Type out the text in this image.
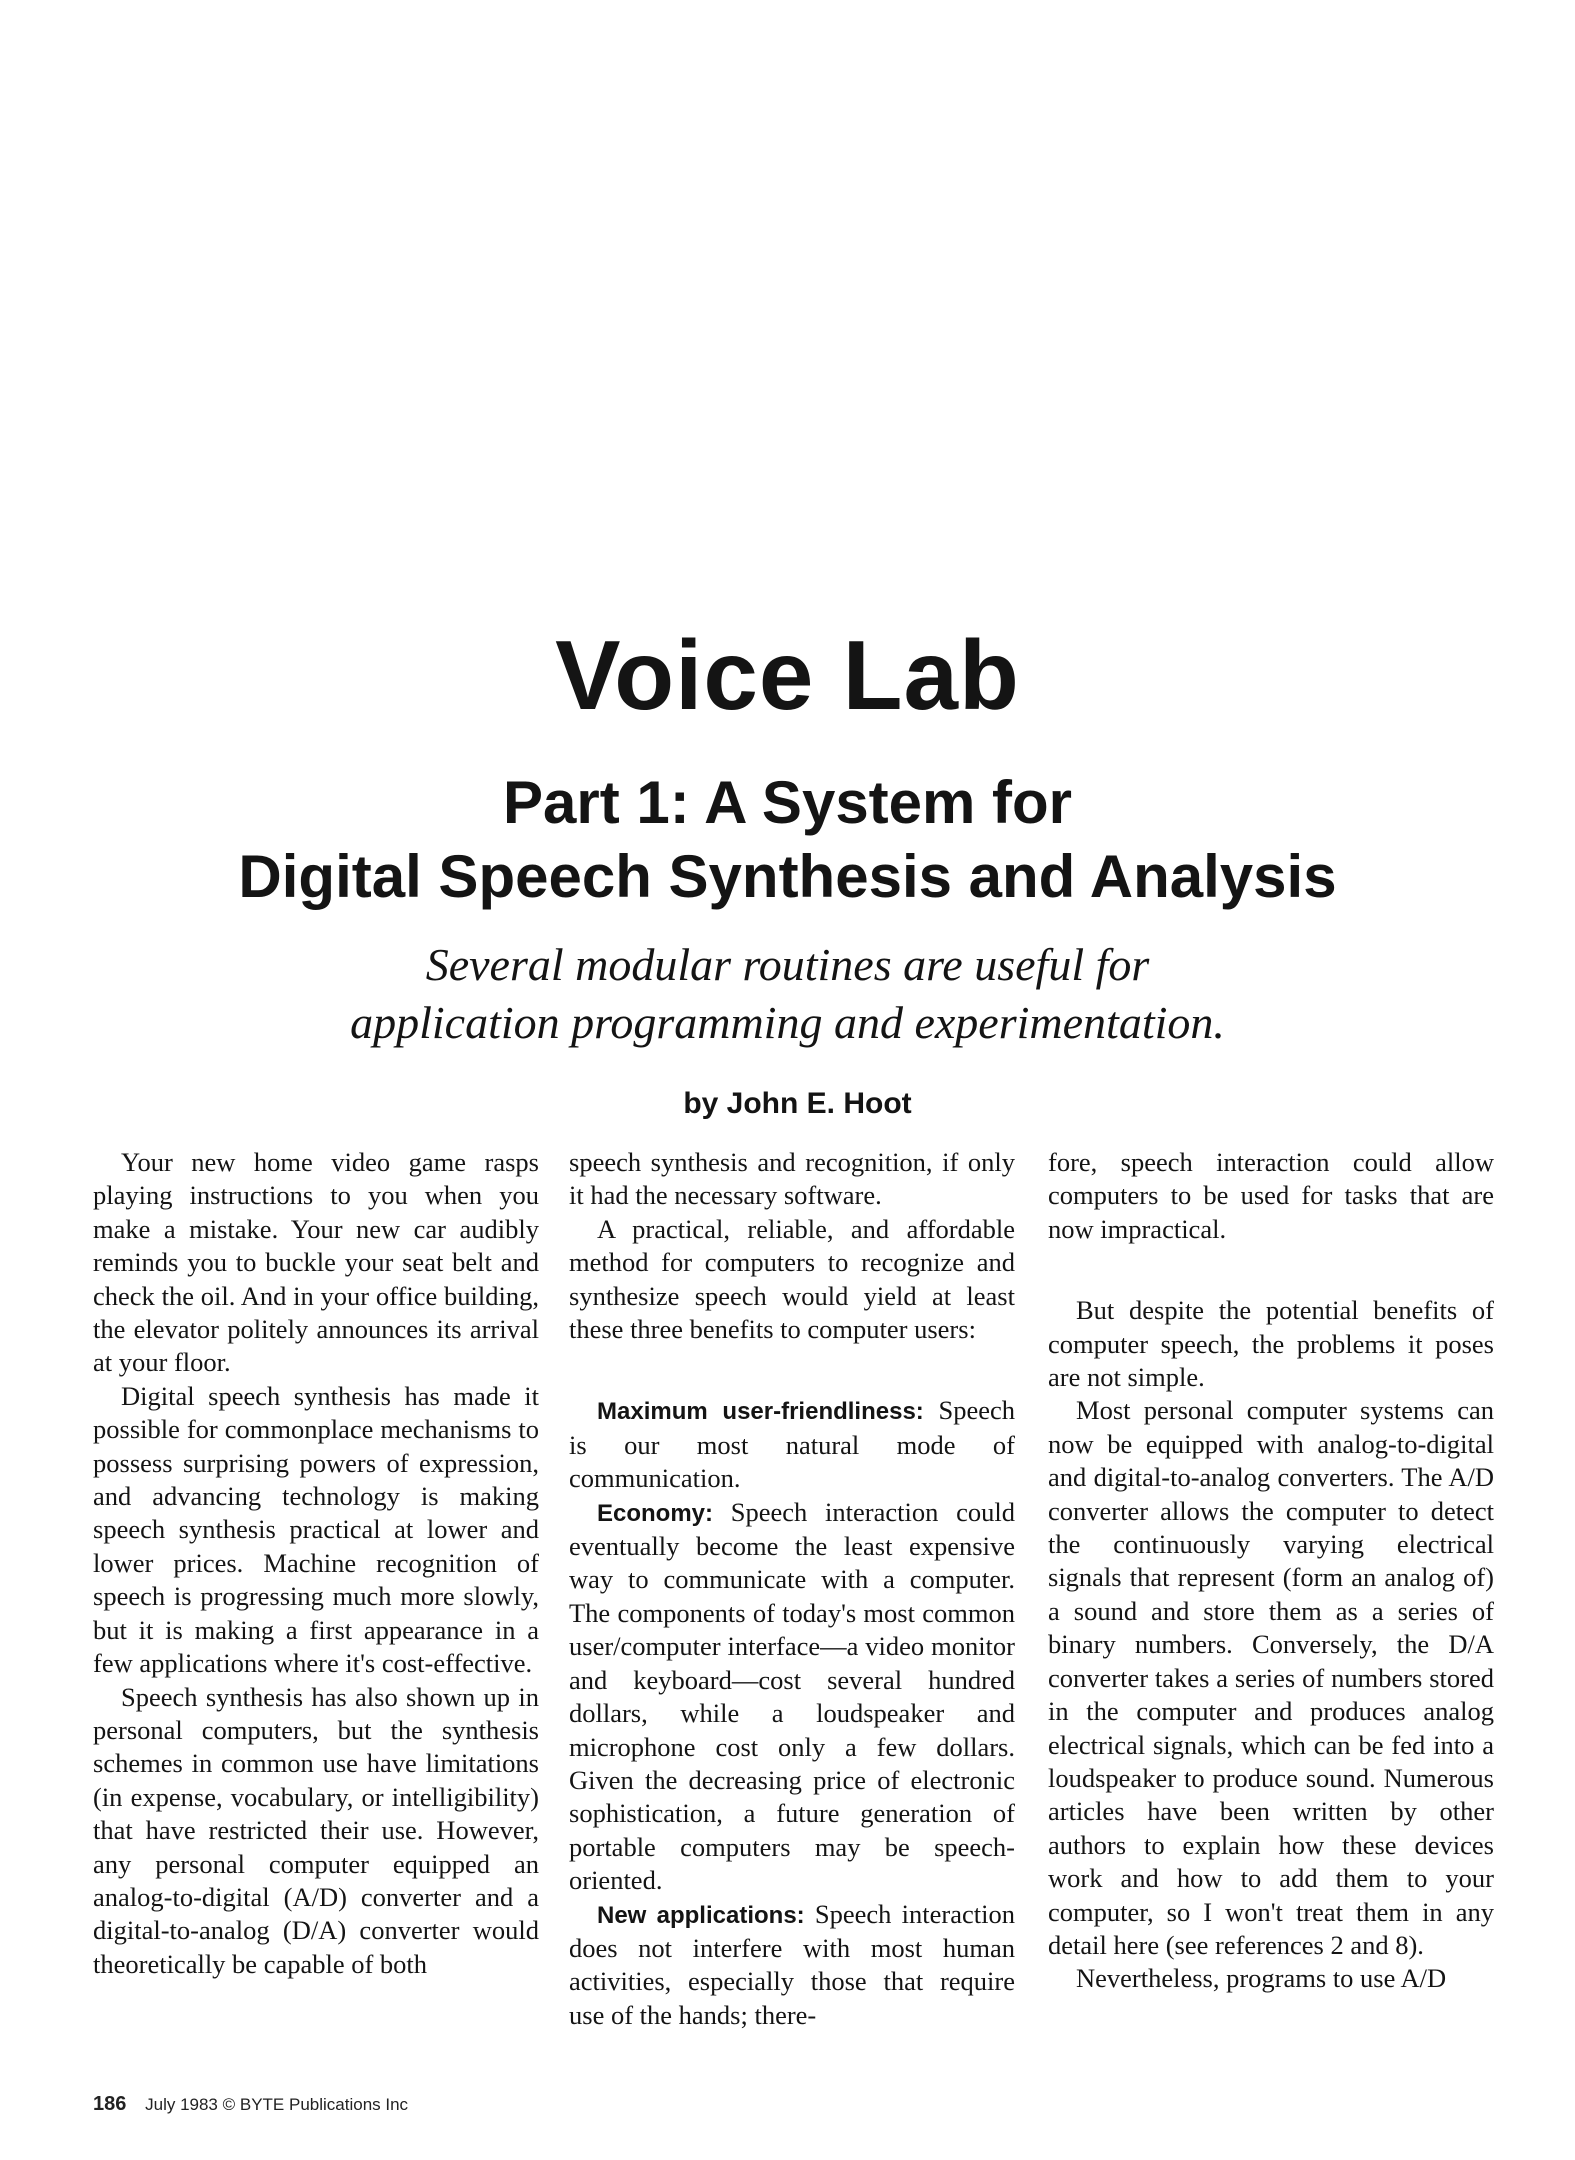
Voice Lab
Part 1: A System for
Digital Speech Synthesis and Analysis
Several modular routines are useful for
application programming and experimentation.
by John E. Hoot

Your new home video game rasps playing instructions to you when you make a mistake. Your new car audibly reminds you to buckle your seat belt and check the oil. And in your office building, the elevator politely announces its arrival at your floor.

Digital speech synthesis has made it possible for commonplace mechanisms to possess surprising powers of expression, and advancing technology is making speech synthesis practical at lower and lower prices. Machine recognition of speech is progressing much more slowly, but it is making a first appearance in a few applications where it's cost-effective.

Speech synthesis has also shown up in personal computers, but the synthesis schemes in common use have limitations (in expense, vocabulary, or intelligibility) that have restricted their use. However, any personal computer equipped an analog-to-digital (A/D) converter and a digital-to-analog (D/A) converter would theoretically be capable of both

speech synthesis and recognition, if only it had the necessary software.

A practical, reliable, and affordable method for computers to recognize and synthesize speech would yield at least these three benefits to computer users:

Maximum user-friendliness: Speech is our most natural mode of communication.

Economy: Speech interaction could eventually become the least expensive way to communicate with a computer. The components of today's most common user/computer interface—a video monitor and keyboard—cost several hundred dollars, while a loudspeaker and microphone cost only a few dollars. Given the decreasing price of electronic sophistication, a future generation of portable computers may be speech-oriented.

New applications: Speech interaction does not interfere with most human activities, especially those that require use of the hands; there-

fore, speech interaction could allow computers to be used for tasks that are now impractical.

But despite the potential benefits of computer speech, the problems it poses are not simple.

Most personal computer systems can now be equipped with analog-to-digital and digital-to-analog converters. The A/D converter allows the computer to detect the continuously varying electrical signals that represent (form an analog of) a sound and store them as a series of binary numbers. Conversely, the D/A converter takes a series of numbers stored in the computer and produces analog electrical signals, which can be fed into a loudspeaker to produce sound. Numerous articles have been written by other authors to explain how these devices work and how to add them to your computer, so I won't treat them in any detail here (see references 2 and 8).

Nevertheless, programs to use A/D

186 July 1983 © BYTE Publications Inc
